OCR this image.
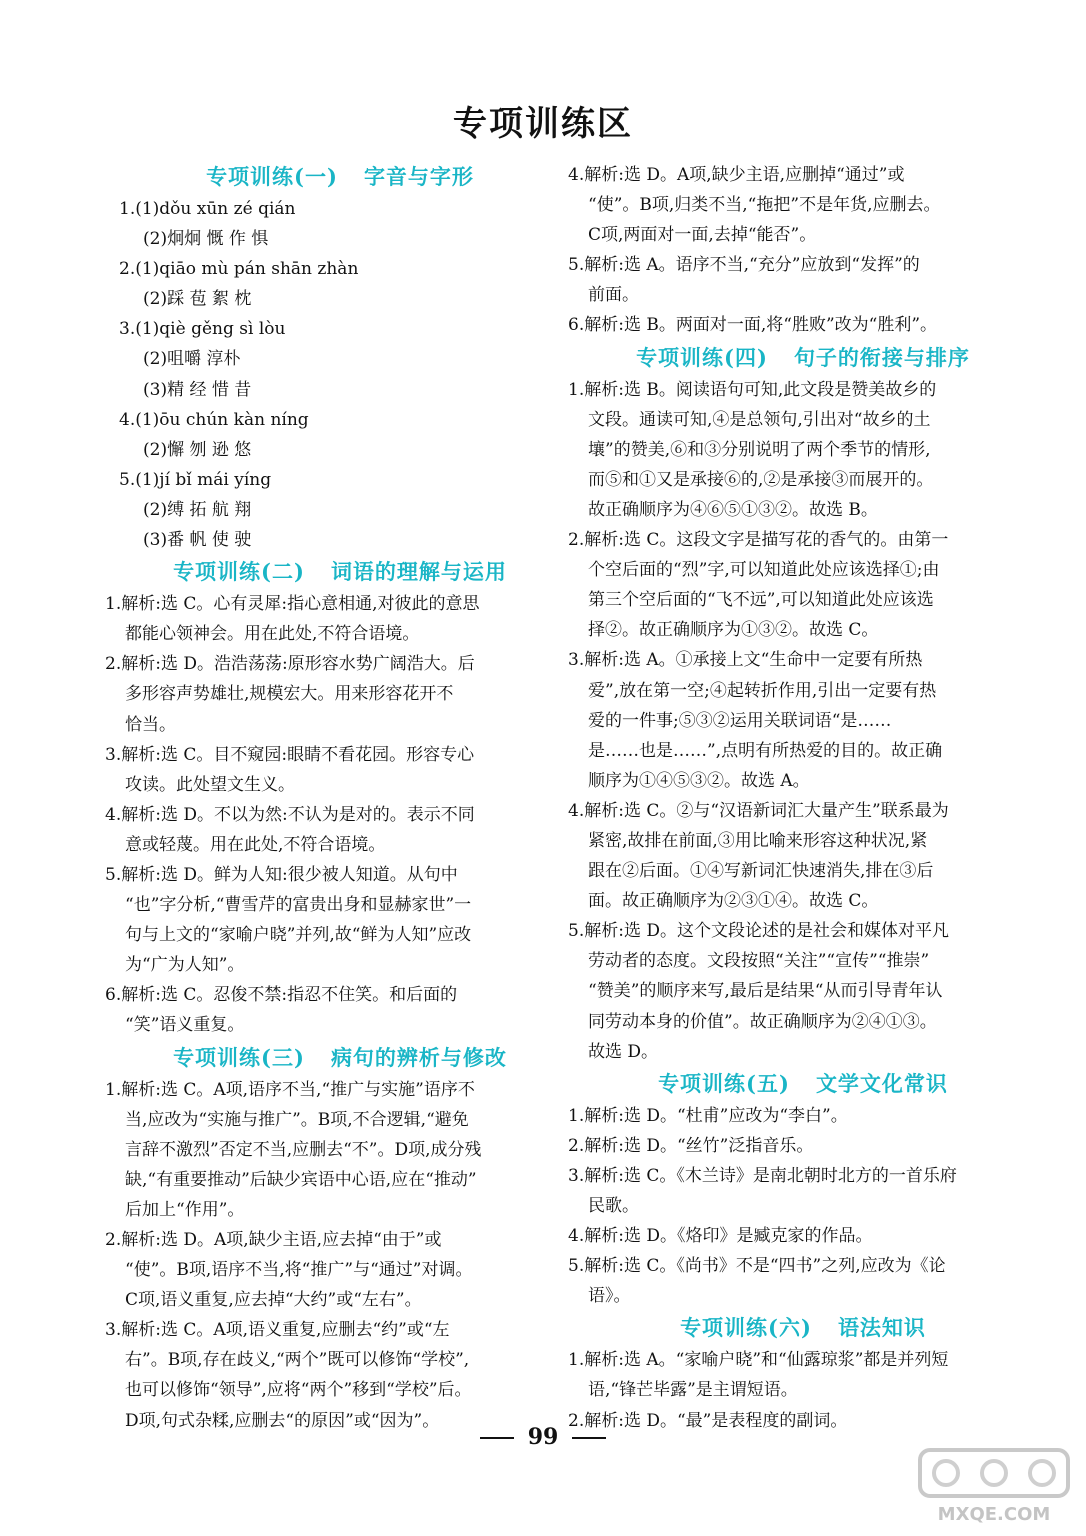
专项训练区
专项训练(一) 字音与字形
1.(1)dǒu xūn zé qián
(2)炯炯 慨 作 惧
2.(1)qiāo mù pán shān zhàn
(2)踩 苞 絮 枕
3.(1)qiè gěng sì lòu
(2)咀嚼 淳朴
(3)精 经 惜 昔
4.(1)ōu chún kàn níng
(2)懈 刎 逊 悠
5.(1)jí bǐ mái yíng
(2)缚 拓 航 翔
(3)番 帆 使 驶
专项训练(二) 词语的理解与运用
1.解析:选 C。心有灵犀:指心意相通,对彼此的意思
都能心领神会。用在此处,不符合语境。
2.解析:选 D。浩浩荡荡:原形容水势广阔浩大。后
多形容声势雄壮,规模宏大。用来形容花开不
恰当。
3.解析:选 C。目不窥园:眼睛不看花园。形容专心
攻读。此处望文生义。
4.解析:选 D。不以为然:不认为是对的。表示不同
意或轻蔑。用在此处,不符合语境。
5.解析:选 D。鲜为人知:很少被人知道。从句中
“也”字分析,“曹雪芹的富贵出身和显赫家世”一
句与上文的“家喻户晓”并列,故“鲜为人知”应改
为“广为人知”。
6.解析:选 C。忍俊不禁:指忍不住笑。和后面的
“笑”语义重复。
专项训练(三) 病句的辨析与修改
1.解析:选 C。A项,语序不当,“推广与实施”语序不
当,应改为“实施与推广”。B项,不合逻辑,“避免
言辞不激烈”否定不当,应删去“不”。D项,成分残
缺,“有重要推动”后缺少宾语中心语,应在“推动”
后加上“作用”。
2.解析:选 D。A项,缺少主语,应去掉“由于”或
“使”。B项,语序不当,将“推广”与“通过”对调。
C项,语义重复,应去掉“大约”或“左右”。
3.解析:选 C。A项,语义重复,应删去“约”或“左
右”。B项,存在歧义,“两个”既可以修饰“学校”,
也可以修饰“领导”,应将“两个”移到“学校”后。
D项,句式杂糅,应删去“的原因”或“因为”。
4.解析:选 D。A项,缺少主语,应删掉“通过”或
“使”。B项,归类不当,“拖把”不是年货,应删去。
C项,两面对一面,去掉“能否”。
5.解析:选 A。语序不当,“充分”应放到“发挥”的
前面。
6.解析:选 B。两面对一面,将“胜败”改为“胜利”。
专项训练(四) 句子的衔接与排序
1.解析:选 B。阅读语句可知,此文段是赞美故乡的
文段。通读可知,④是总领句,引出对“故乡的土
壤”的赞美,⑥和③分别说明了两个季节的情形,
而⑤和①又是承接⑥的,②是承接③而展开的。
故正确顺序为④⑥⑤①③②。故选 B。
2.解析:选 C。这段文字是描写花的香气的。由第一
个空后面的“烈”字,可以知道此处应该选择①;由
第三个空后面的“飞不远”,可以知道此处应该选
择②。故正确顺序为①③②。故选 C。
3.解析:选 A。①承接上文“生命中一定要有所热
爱”,放在第一空;④起转折作用,引出一定要有热
爱的一件事;⑤③②运用关联词语“是……
是……也是……”,点明有所热爱的目的。故正确
顺序为①④⑤③②。故选 A。
4.解析:选 C。②与“汉语新词汇大量产生”联系最为
紧密,故排在前面,③用比喻来形容这种状况,紧
跟在②后面。①④写新词汇快速消失,排在③后
面。故正确顺序为②③①④。故选 C。
5.解析:选 D。这个文段论述的是社会和媒体对平凡
劳动者的态度。文段按照“关注”“宣传”“推崇”
“赞美”的顺序来写,最后是结果“从而引导青年认
同劳动本身的价值”。故正确顺序为②④①③。
故选 D。
专项训练(五) 文学文化常识
1.解析:选 D。“杜甫”应改为“李白”。
2.解析:选 D。“丝竹”泛指音乐。
3.解析:选 C。《木兰诗》是南北朝时北方的一首乐府
民歌。
4.解析:选 D。《烙印》是臧克家的作品。
5.解析:选 C。《尚书》不是“四书”之列,应改为《论
语》。
专项训练(六) 语法知识
1.解析:选 A。“家喻户晓”和“仙露琼浆”都是并列短
语,“锋芒毕露”是主谓短语。
2.解析:选 D。“最”是表程度的副词。
99
MXQE.COM
